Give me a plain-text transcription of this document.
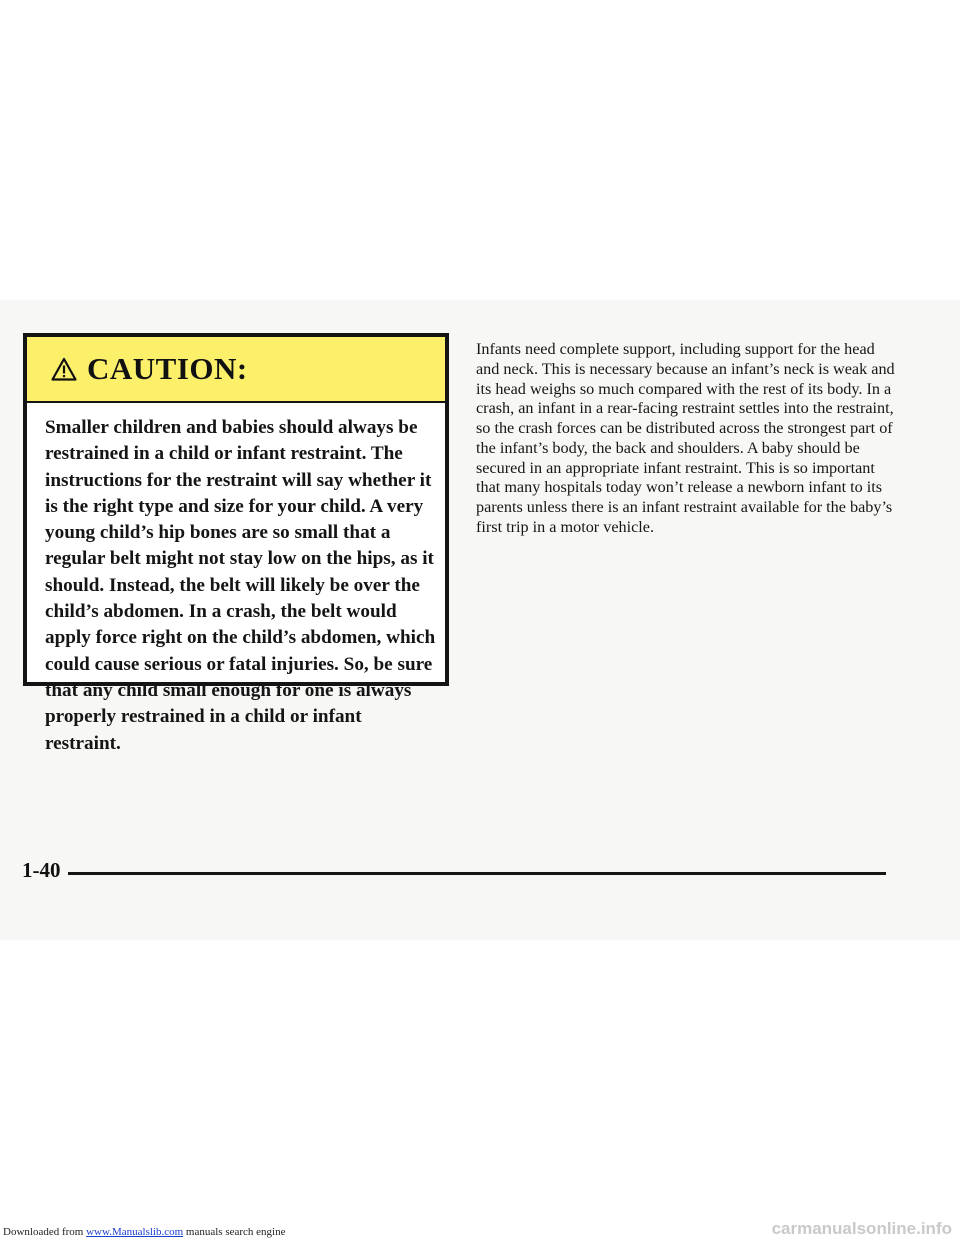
CAUTION:

Smaller children and babies should always be restrained in a child or infant restraint. The instructions for the restraint will say whether it is the right type and size for your child. A very young child’s hip bones are so small that a regular belt might not stay low on the hips, as it should. Instead, the belt will likely be over the child’s abdomen. In a crash, the belt would apply force right on the child’s abdomen, which could cause serious or fatal injuries. So, be sure that any child small enough for one is always properly restrained in a child or infant restraint.

Infants need complete support, including support for the head and neck. This is necessary because an infant’s neck is weak and its head weighs so much compared with the rest of its body. In a crash, an infant in a rear-facing restraint settles into the restraint, so the crash forces can be distributed across the strongest part of the infant’s body, the back and shoulders. A baby should be secured in an appropriate infant restraint. This is so important that many hospitals today won’t release a newborn infant to its parents unless there is an infant restraint available for the baby’s first trip in a motor vehicle.

1-40
Downloaded from www.Manualslib.com manuals search engine	carmanualsonline.info
